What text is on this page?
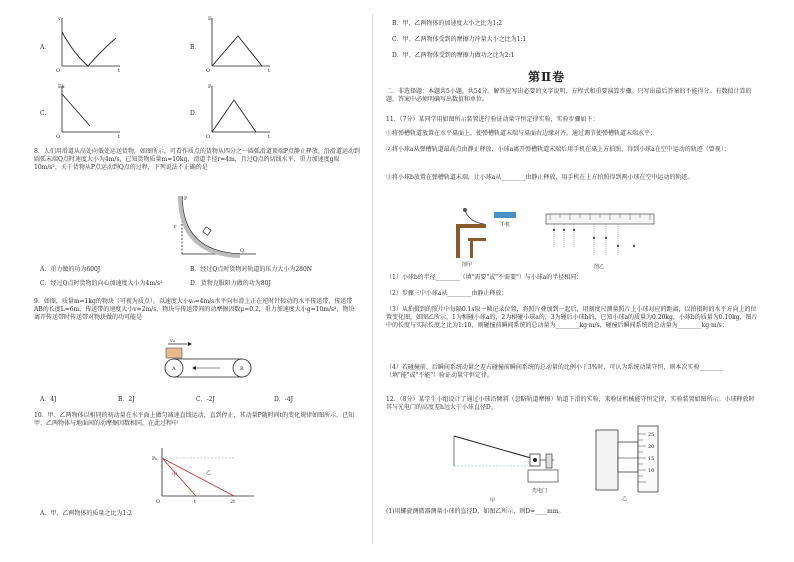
A．
v
O	t
B．
E
O	t
C．
Ek
O	t
D．
P
O	t
8．人们用滑道从高处向低处运送货物，如图所示，可看作质点的货物从四分之一圆弧滑道顶端P点静止释放，沿滑道运动到圆弧末端Q点时速度大小为4m/s，已知货物质量m=10kg，滑道半径r=4m，且过Q点的切线水平，重力加速度g取10m/s²，关于货物从P点运动到Q点的过程，下列说法不正确的是
P
r
Q
A．重力做的功为600J	B．经过Q点时货物对轨道的压力大小为280N
C．经过Q点时货物的向心加速度大小为4m/s²	D．货物克服阻力做的功为80J
9．如图，质量m=1kg的物块（可视为质点），以速度大小v₀=4m/s水平向右滑上正在逆时针转动的水平传送带，传送带AB的长度L=6m，传送带的速度大小v=2m/s，物块与传送带间的动摩擦因数μ=0.2，重力加速度大小g=10m/s²，物块离开传送带时传送带对物块做的功可能是
v₀
A	B
A．4J	B．2J	C．-2J	D．-4J
10．甲、乙两物体以相同的初动量在水平面上做匀减速直线运动，直到停止，其动量P随时间t的变化规律如图所示，已知甲、乙两物体与地面间的动摩擦因数相同，在此过程中
P₀
甲	乙
O	t	2t
A．甲、乙两物体的质量之比为1:2
B．甲、乙两物体的加速度大小之比为1:2
C．甲、乙两物体受到的摩擦力冲量大小之比为1:1
D．甲、乙两物体受到的摩擦力做功之比为2:1
第Ⅱ卷
二．非选择题：本题共5小题，共54分。解答应写出必要的文字说明、方程式和重要演算步骤。只写出最后答案的不能得分。有数值计算的题，答案中必须明确写出数值和单位。
11．（7分）某同学用如图所示装置进行验证动量守恒定律实验，实验步骤如下：
①将弹槽轨道放置在水平桌面上，使弹槽轨道末端与桌面右边缘对齐，通过调节使弹槽轨道末端水平；
②将小球a从弹槽轨道最高点由静止释放，小球a离开弹槽轨道末端后用手机在桌上方拍照，得到小球a在空中运动的轨迹（曾视）；
③将小球b放置在弹槽轨道末端，让小球a从________由静止释放，用手机在上方拍照得到两小球在空中运动的轨迹。
手机
图甲	图乙
（1）小球b的半径________（填"需要"或"不需要"）与小球a的半径相同；
（2）步骤三中小球a从________由静止释放；
（3）从拍摄到的照片中每隔0.1s取一帧记录位置，将照片叠加到一起后，用刻度尺测量照片上小球对应的距离，以拍摄时的水平方向上的位置变化图，如图乙所示，1为相碰小球a的，2为相碰小球a的，3为碰后小球b的，已知小球a的质量为0.20kg，小球b的质量为0.10kg，图片中的长度与实际长度之比为1:10，则碰撞前瞬间系统的总动量为________kg·m/s，碰撞后瞬间系统的总动量为________kg·m/s；
（4）若碰撞前、后瞬间系统动量之差占碰撞前瞬间系统的总动量的比例小于3%时，可认为系统动量守恒，则本次实验________（填"能"或"不能"）验证动量守恒定律。
12．（8分）某学生小组设计了通过小球沿倾斜（忽略轨道摩擦）轨道下滑的实验，来验证机械能守恒定律，实验装置如图所示。小球释放时其与光电门的高度差h远大于小球直径D。
光电门
甲
25
20
15
10
乙
(1)用螺旋测微器测量小球的直径D，如图乙所示，则D=____mm。
